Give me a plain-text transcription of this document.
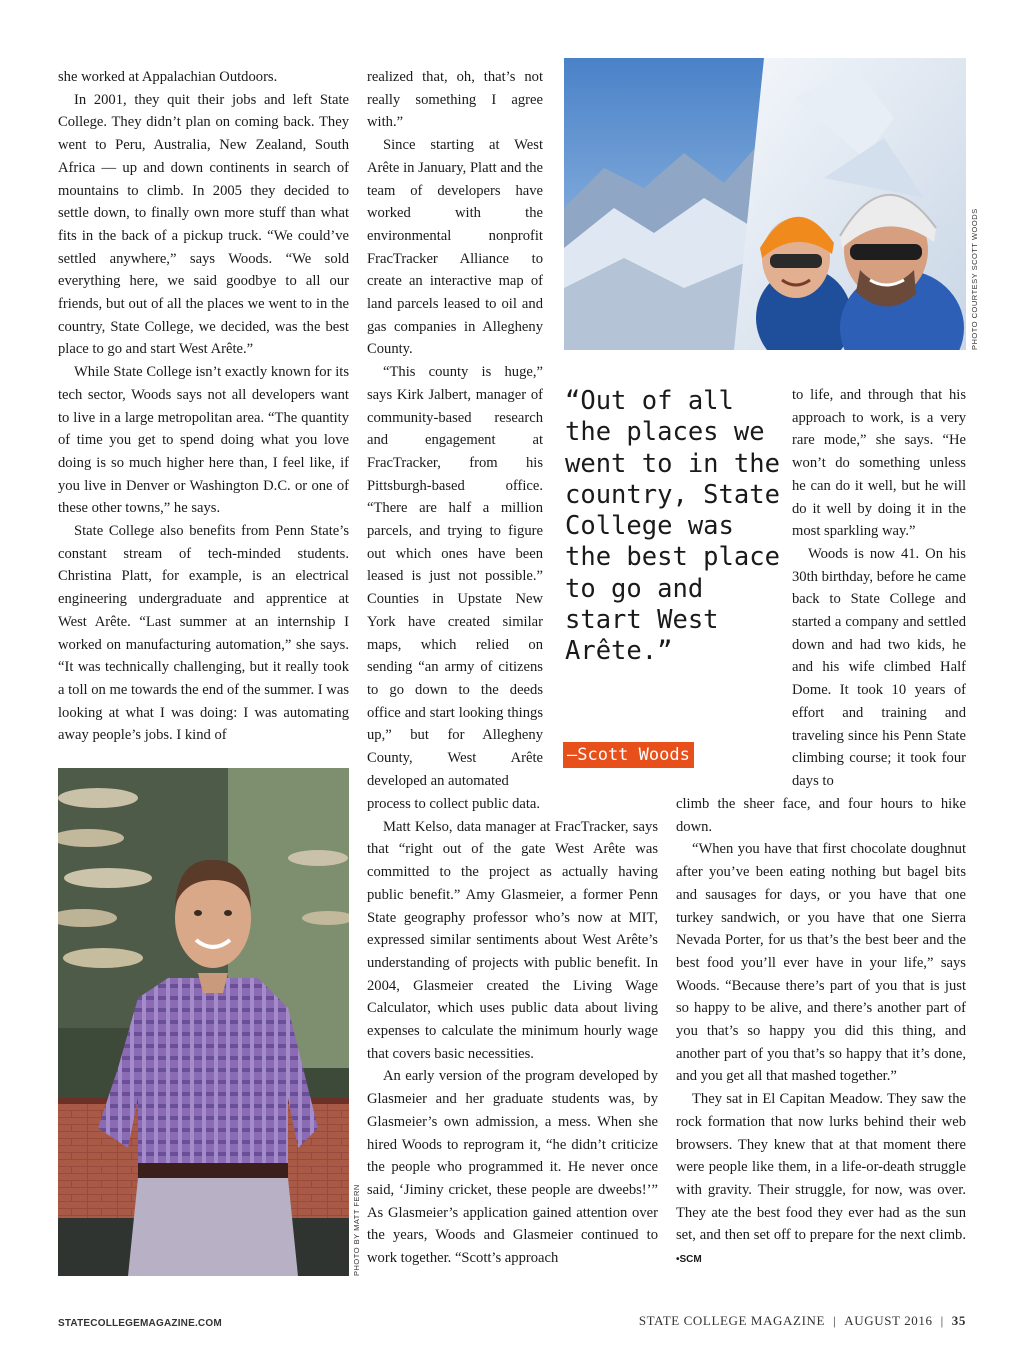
she worked at Appalachian Outdoors.

In 2001, they quit their jobs and left State College. They didn’t plan on coming back. They went to Peru, Australia, New Zealand, South Africa — up and down continents in search of mountains to climb. In 2005 they decided to settle down, to finally own more stuff than what fits in the back of a pickup truck. “We could’ve settled anywhere,” says Woods. “We sold everything here, we said goodbye to all our friends, but out of all the places we went to in the country, State College, we decided, was the best place to go and start West Arête.”

While State College isn’t exactly known for its tech sector, Woods says not all developers want to live in a large metropolitan area. “The quantity of time you get to spend doing what you love doing is so much higher here than, I feel like, if you live in Denver or Washington D.C. or one of these other towns,” he says.

State College also benefits from Penn State’s constant stream of tech-minded students. Christina Platt, for example, is an electrical engineering undergraduate and apprentice at West Arête. “Last summer at an internship I worked on manufacturing automation,” she says. “It was technically challenging, but it really took a toll on me towards the end of the summer. I was looking at what I was doing: I was automating away people’s jobs. I kind of

realized that, oh, that’s not really something I agree with.”

Since starting at West Arête in January, Platt and the team of developers have worked with the environmental nonprofit FracTracker Alliance to create an interactive map of land parcels leased to oil and gas companies in Allegheny County.

“This county is huge,” says Kirk Jalbert, manager of community-based research and engagement at FracTracker, from his Pittsburgh-based office. “There are half a million parcels, and trying to figure out which ones have been leased is just not possible.” Counties in Upstate New York have created similar maps, which relied on sending “an army of citizens to go down to the deeds office and start looking things up,” but for Allegheny County, West Arête developed an automated

process to collect public data.

Matt Kelso, data manager at FracTracker, says that “right out of the gate West Arête was committed to the project as actually having public benefit.” Amy Glasmeier, a former Penn State geography professor who’s now at MIT, expressed similar sentiments about West Arête’s understanding of projects with public benefit. In 2004, Glasmeier created the Living Wage Calculator, which uses public data about living expenses to calculate the minimum hourly wage that covers basic necessities.

An early version of the program developed by Glasmeier and her graduate students was, by Glasmeier’s own admission, a mess. When she hired Woods to reprogram it, “he didn’t criticize the people who programmed it. He never once said, ‘Jiminy cricket, these people are dweebs!’” As Glasmeier’s application gained attention over the years, Woods and Glasmeier continued to work together. “Scott’s approach

to life, and through that his approach to work, is a very rare mode,” she says. “He won’t do something unless he can do it well, but he will do it well by doing it in the most sparkling way.”

Woods is now 41. On his 30th birthday, before he came back to State College and started a company and settled down and had two kids, he and his wife climbed Half Dome. It took 10 years of effort and training and traveling since his Penn State climbing course; it took four days to

climb the sheer face, and four hours to hike down.

“When you have that first chocolate doughnut after you’ve been eating nothing but bagel bits and sausages for days, or you have that one turkey sandwich, or you have that one Sierra Nevada Porter, for us that’s the best beer and the best food you’ll ever have in your life,” says Woods. “Because there’s part of you that is just so happy to be alive, and there’s another part of you that’s so happy you did this thing, and another part of you that’s so happy that it’s done, and you get all that mashed together.”

They sat in El Capitan Meadow. They saw the rock formation that now lurks behind their web browsers. They knew that at that moment there were people like them, in a life-or-death struggle with gravity. Their struggle, for now, was over. They ate the best food they ever had as the sun set, and then set off to prepare for the next climb. •SCM

PHOTO COURTESY SCOTT WOODS
“Out of all the places we went to in the country, State College was the best place to go and start West Arête.”
—Scott Woods
PHOTO BY MATT FERN
STATECOLLEGEMAGAZINE.COM	STATE COLLEGE MAGAZINE | AUGUST 2016 | 35
